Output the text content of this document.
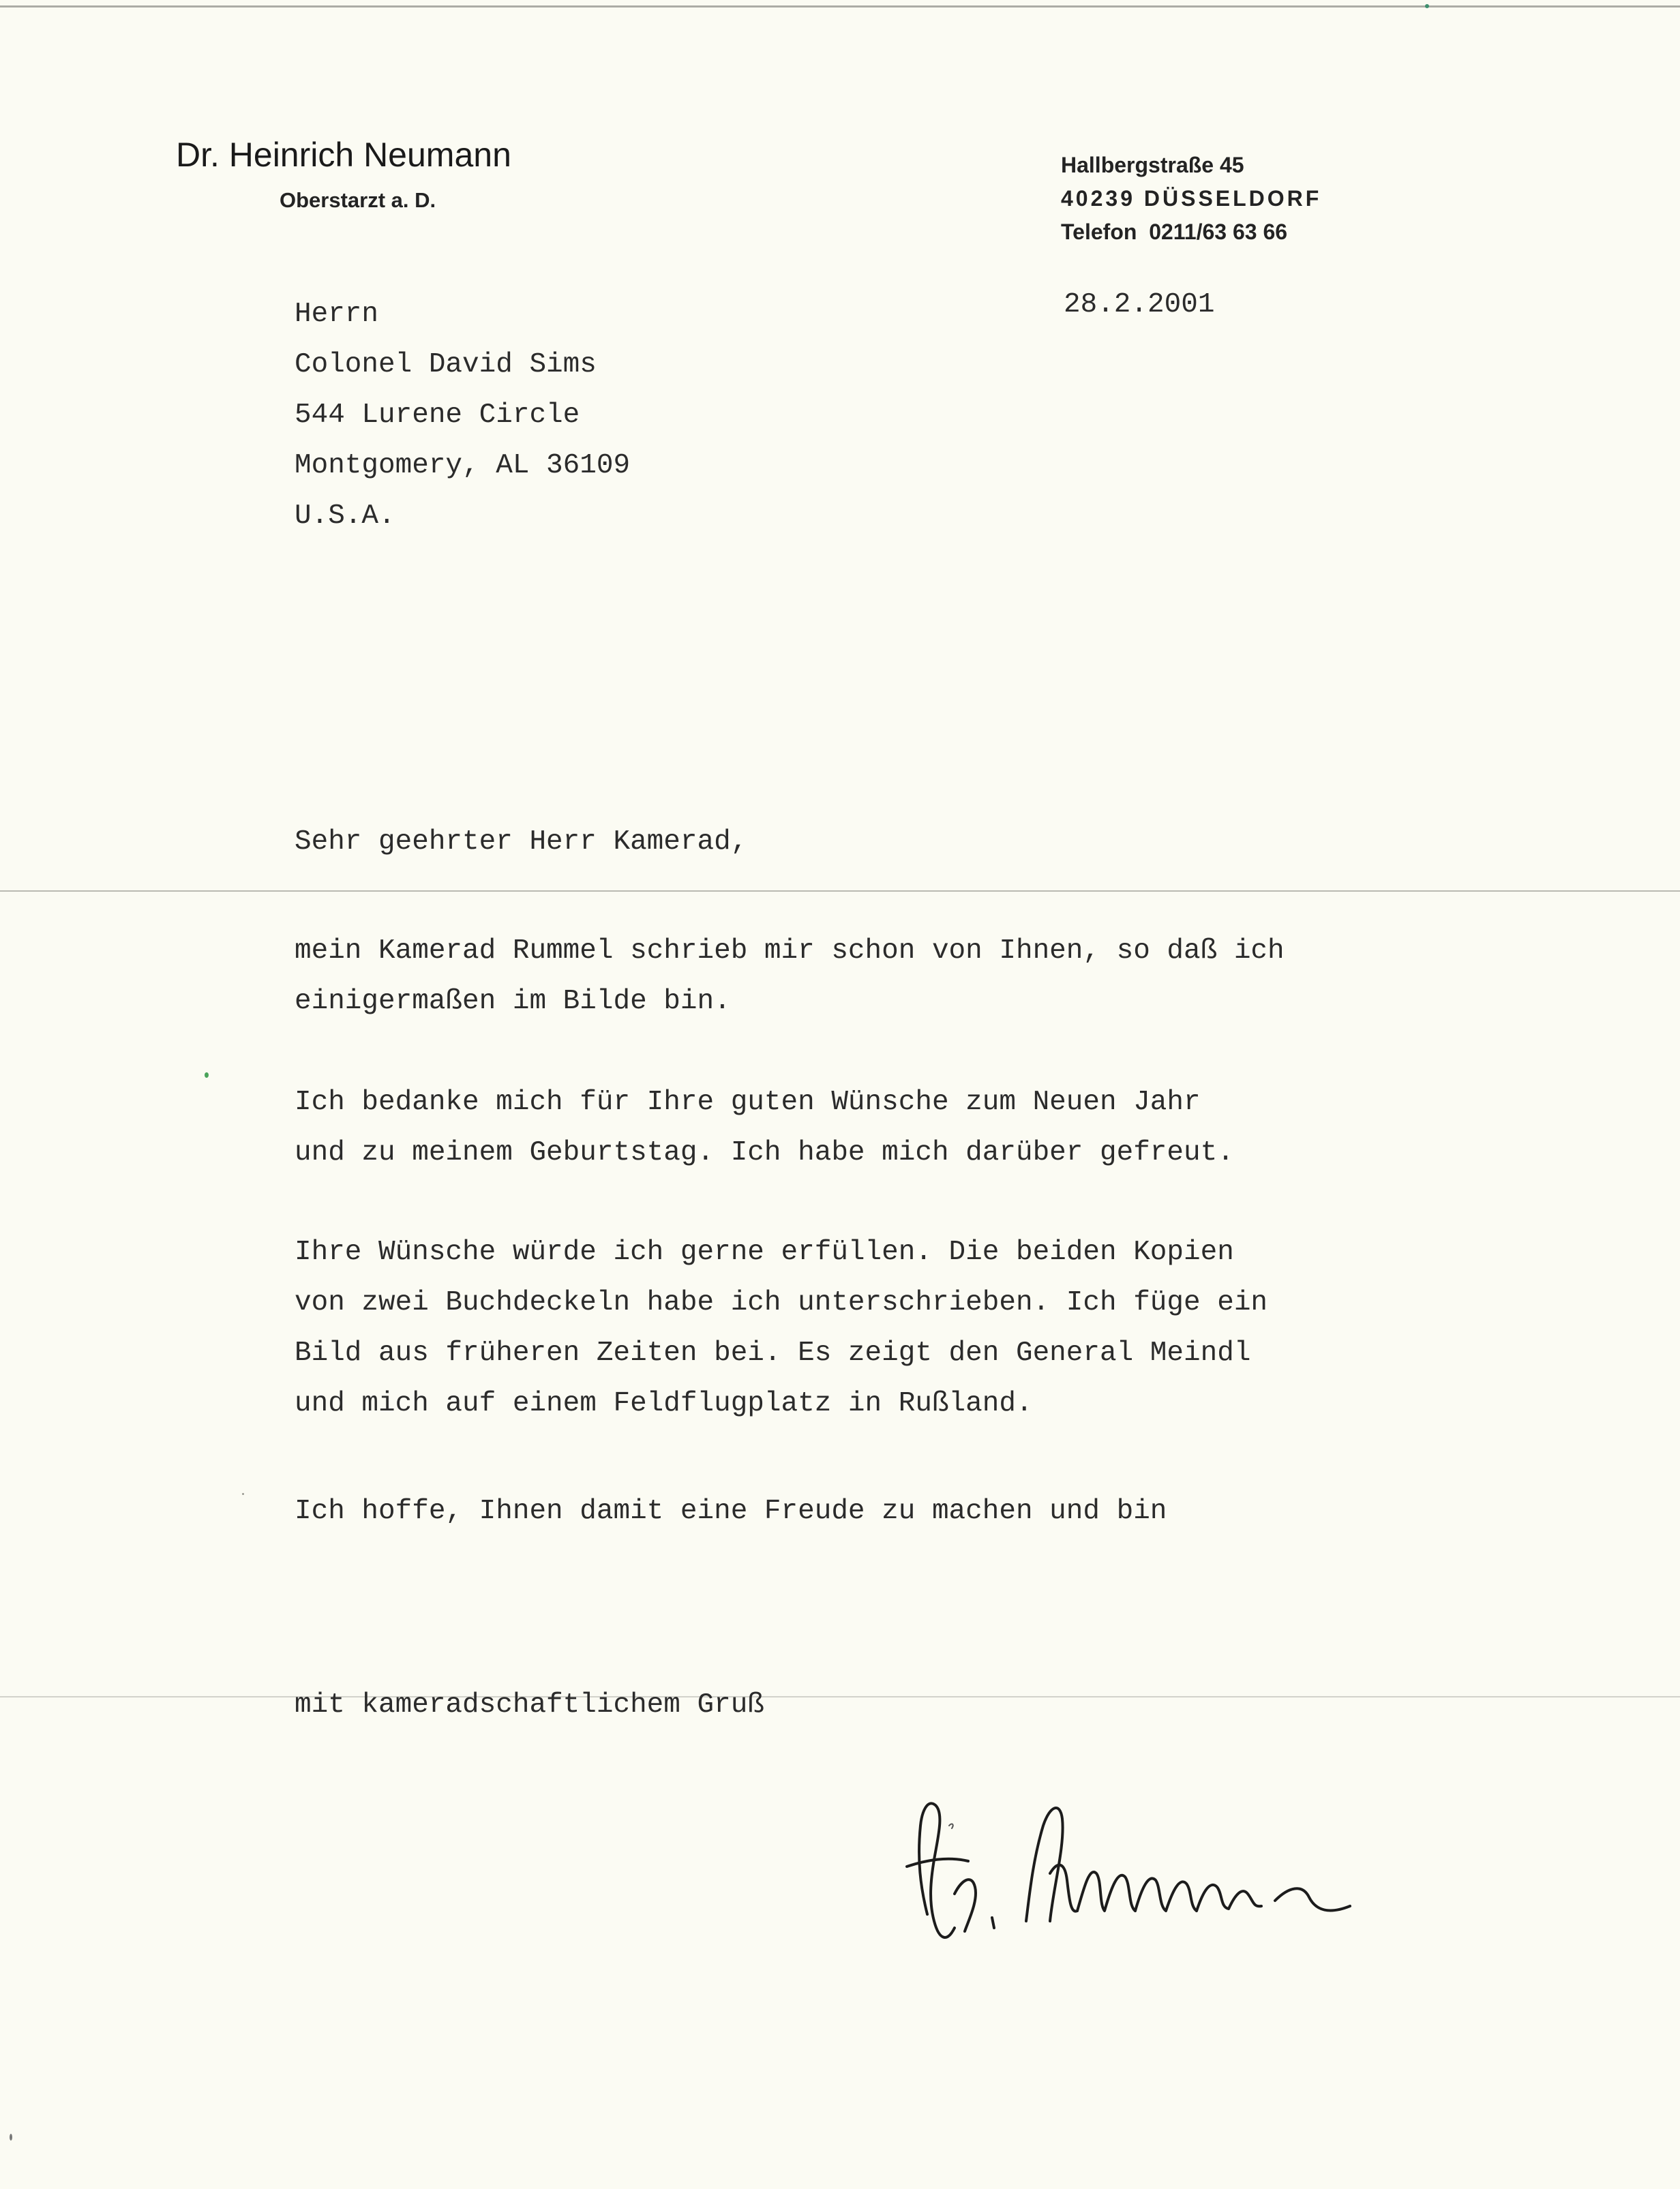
Dr. Heinrich Neumann
Oberstarzt a. D.
Hallbergstraße 45
40239 DÜSSELDORF
Telefon  0211/63 63 66
Herrn
Colonel David Sims
544 Lurene Circle
Montgomery, AL 36109
U.S.A.
28.2.2001
Sehr geehrter Herr Kamerad,
mein Kamerad Rummel schrieb mir schon von Ihnen, so daß ich
einigermaßen im Bilde bin.
Ich bedanke mich für Ihre guten Wünsche zum Neuen Jahr
und zu meinem Geburtstag. Ich habe mich darüber gefreut.
Ihre Wünsche würde ich gerne erfüllen. Die beiden Kopien
von zwei Buchdeckeln habe ich unterschrieben. Ich füge ein
Bild aus früheren Zeiten bei. Es zeigt den General Meindl
und mich auf einem Feldflugplatz in Rußland.
Ich hoffe, Ihnen damit eine Freude zu machen und bin
mit kameradschaftlichem Gruß
